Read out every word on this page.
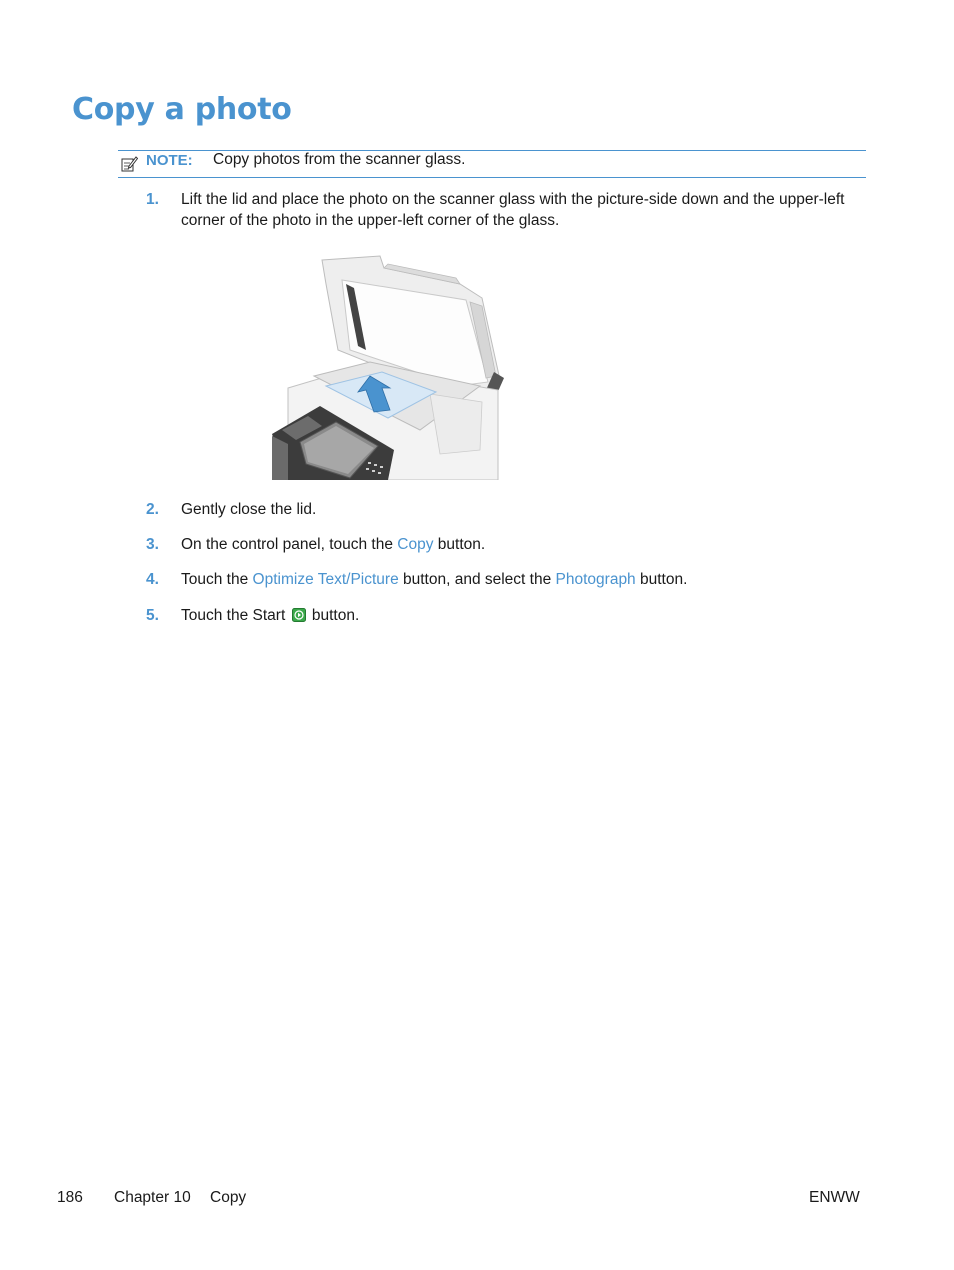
Copy a photo
NOTE: Copy photos from the scanner glass.
1. Lift the lid and place the photo on the scanner glass with the picture-side down and the upper-left corner of the photo in the upper-left corner of the glass.
2. Gently close the lid.
3. On the control panel, touch the Copy button.
4. Touch the Optimize Text/Picture button, and select the Photograph button.
5. Touch the Start  button.
186 Chapter 10 Copy	ENWW
